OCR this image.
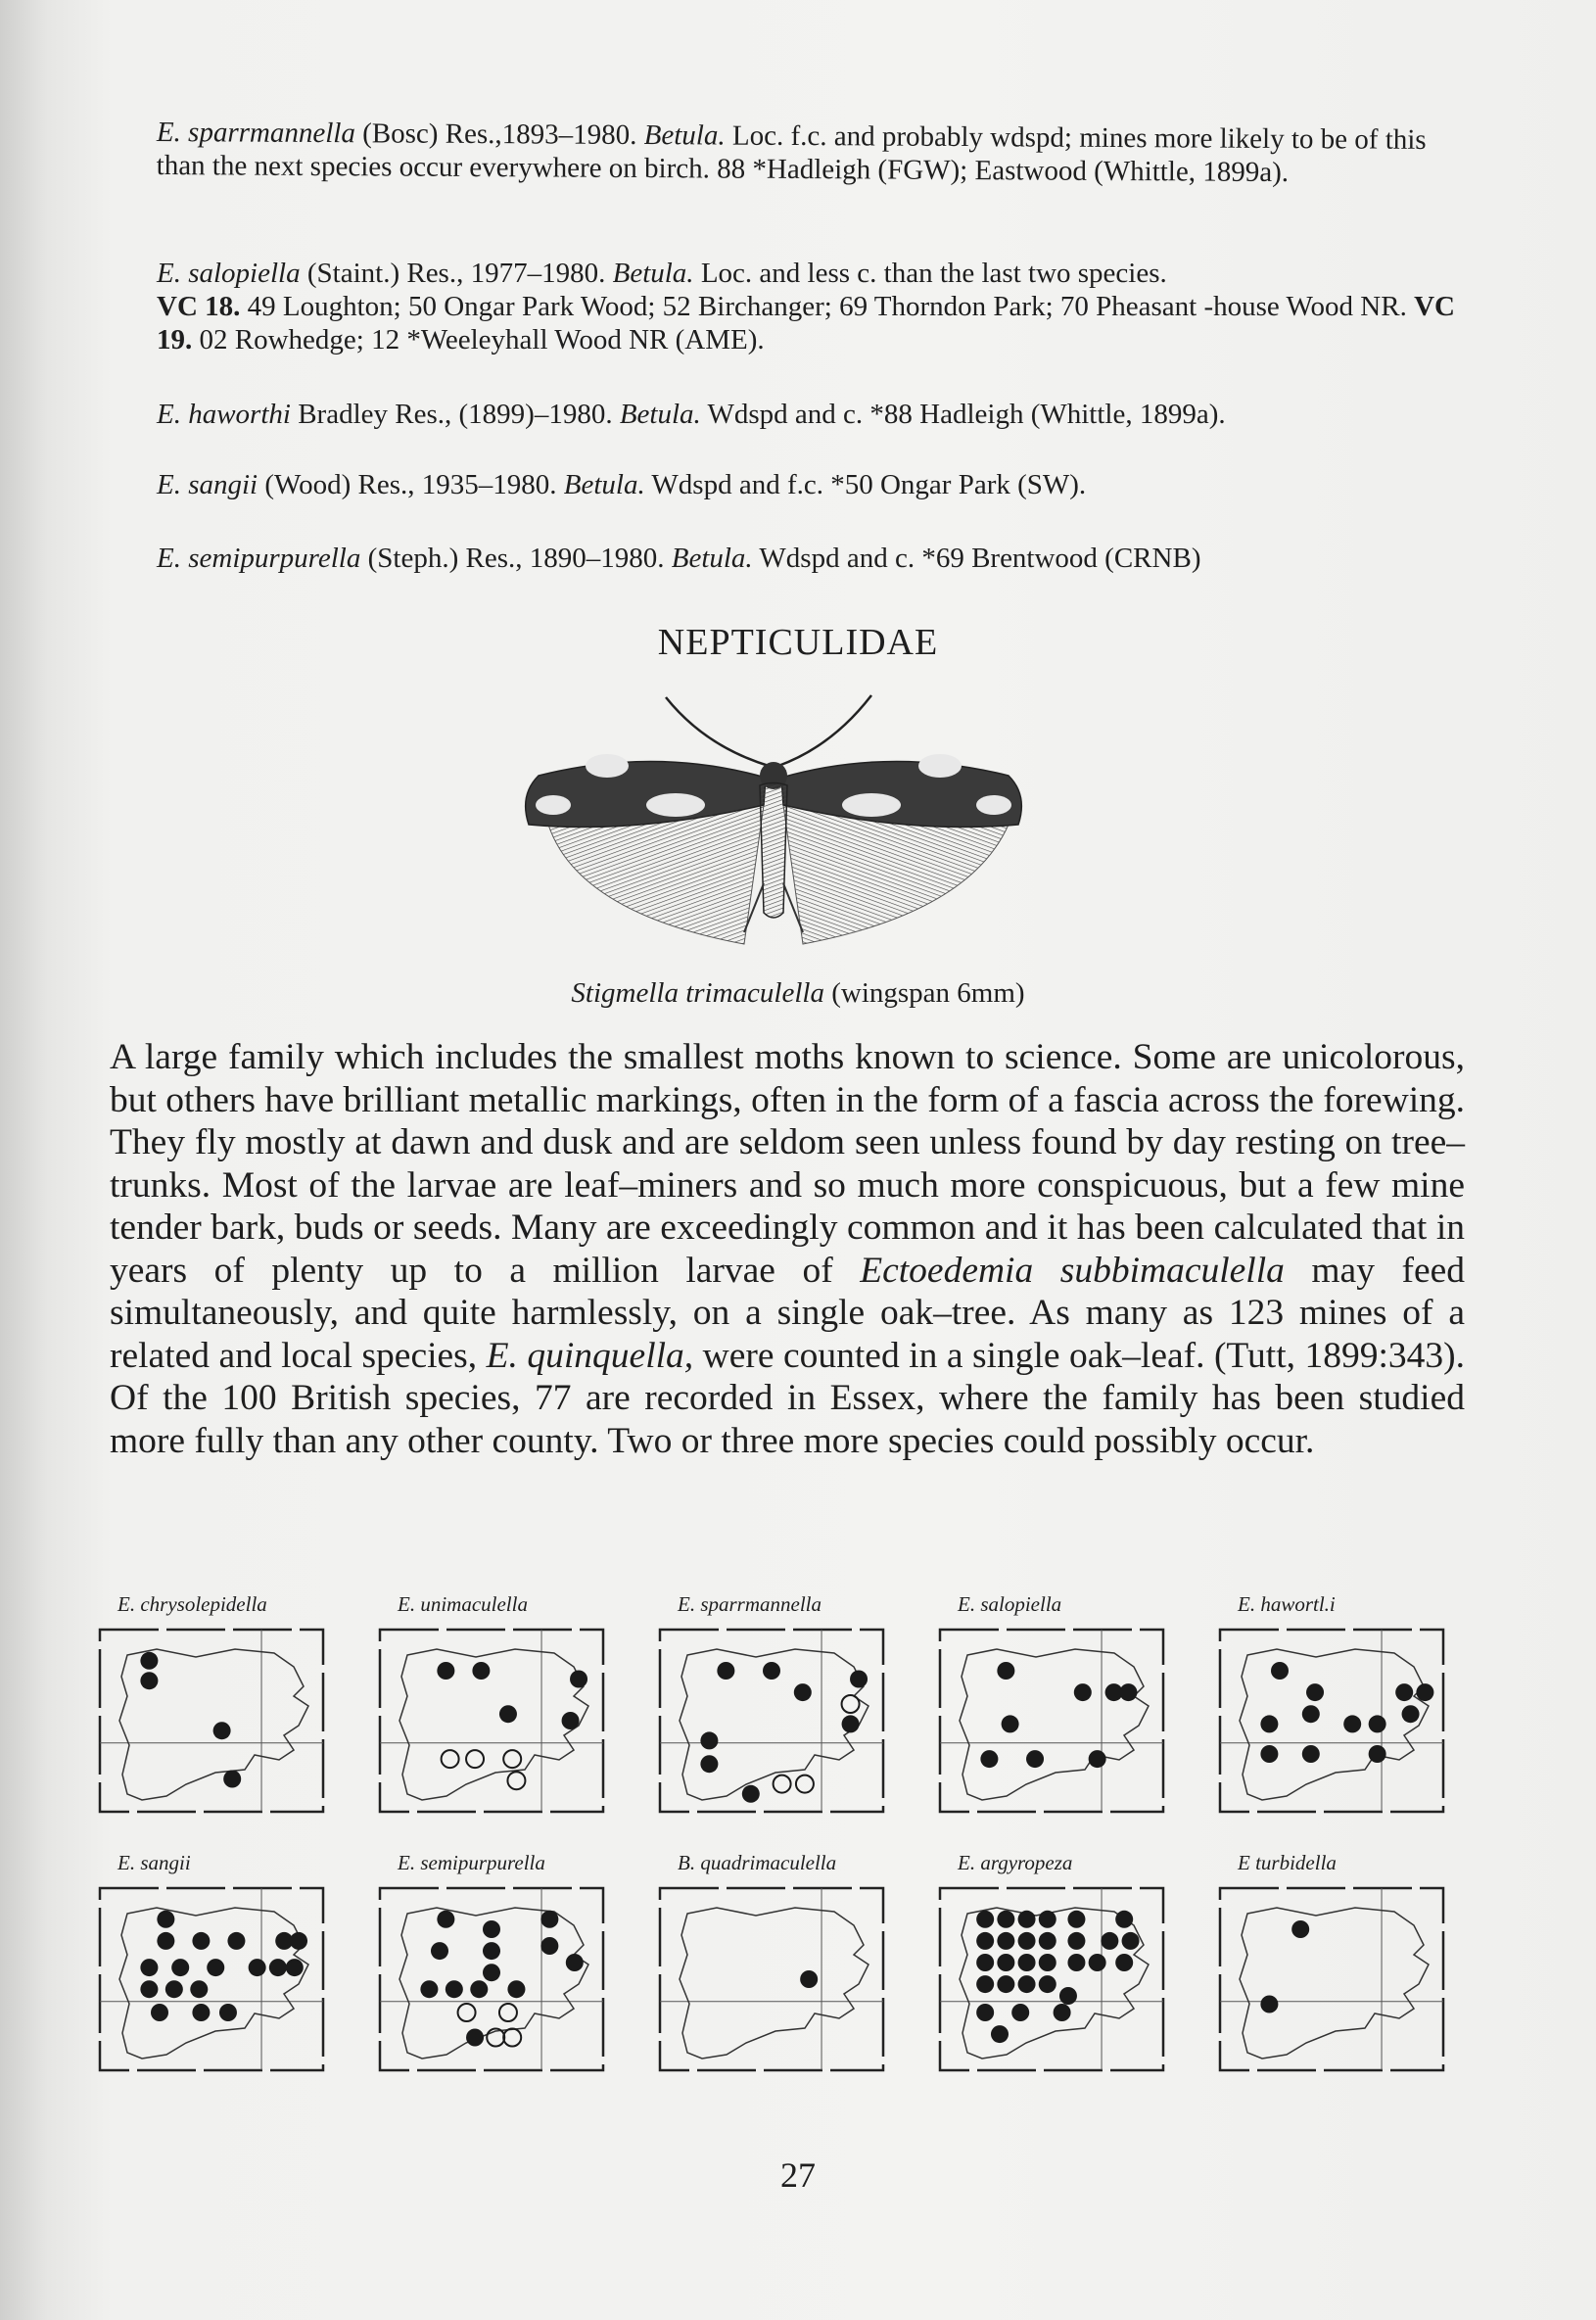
E. sparrmannella (Bosc) Res.,1893–1980. Betula. Loc. f.c. and probably wdspd; mines more likely to be of this than the next species occur everywhere on birch. 88 *Hadleigh (FGW); Eastwood (Whittle, 1899a).
E. salopiella (Staint.) Res., 1977–1980. Betula. Loc. and less c. than the last two species.
VC 18. 49 Loughton; 50 Ongar Park Wood; 52 Birchanger; 69 Thorndon Park; 70 Pheasant -house Wood NR. VC 19. 02 Rowhedge; 12 *Weeleyhall Wood NR (AME).
E. haworthi Bradley Res., (1899)–1980. Betula. Wdspd and c. *88 Hadleigh (Whittle, 1899a).
E. sangii (Wood) Res., 1935–1980. Betula. Wdspd and f.c. *50 Ongar Park (SW).
E. semipurpurella (Steph.) Res., 1890–1980. Betula. Wdspd and c. *69 Brentwood (CRNB)
NEPTICULIDAE
Stigmella trimaculella (wingspan 6mm)
A large family which includes the smallest moths known to science. Some are unicolorous, but others have brilliant metallic markings, often in the form of a fascia across the forewing. They fly mostly at dawn and dusk and are seldom seen unless found by day resting on tree–trunks. Most of the larvae are leaf–miners and so much more conspicuous, but a few mine tender bark, buds or seeds. Many are exceedingly common and it has been calculated that in years of plenty up to a million larvae of Ectoedemia subbimaculella may feed simultaneously, and quite harmlessly, on a single oak–tree. As many as 123 mines of a related and local species, E. quinquella, were counted in a single oak–leaf. (Tutt, 1899:343). Of the 100 British species, 77 are recorded in Essex, where the family has been studied more fully than any other county. Two or three more species could possibly occur.
E. chrysolepidella	E. unimaculella	E. sparrmannella	E. salopiella	E. hawortl.i
E. sangii	E. semipurpurella	B. quadrimaculella	E. argyropeza	E turbidella
27
